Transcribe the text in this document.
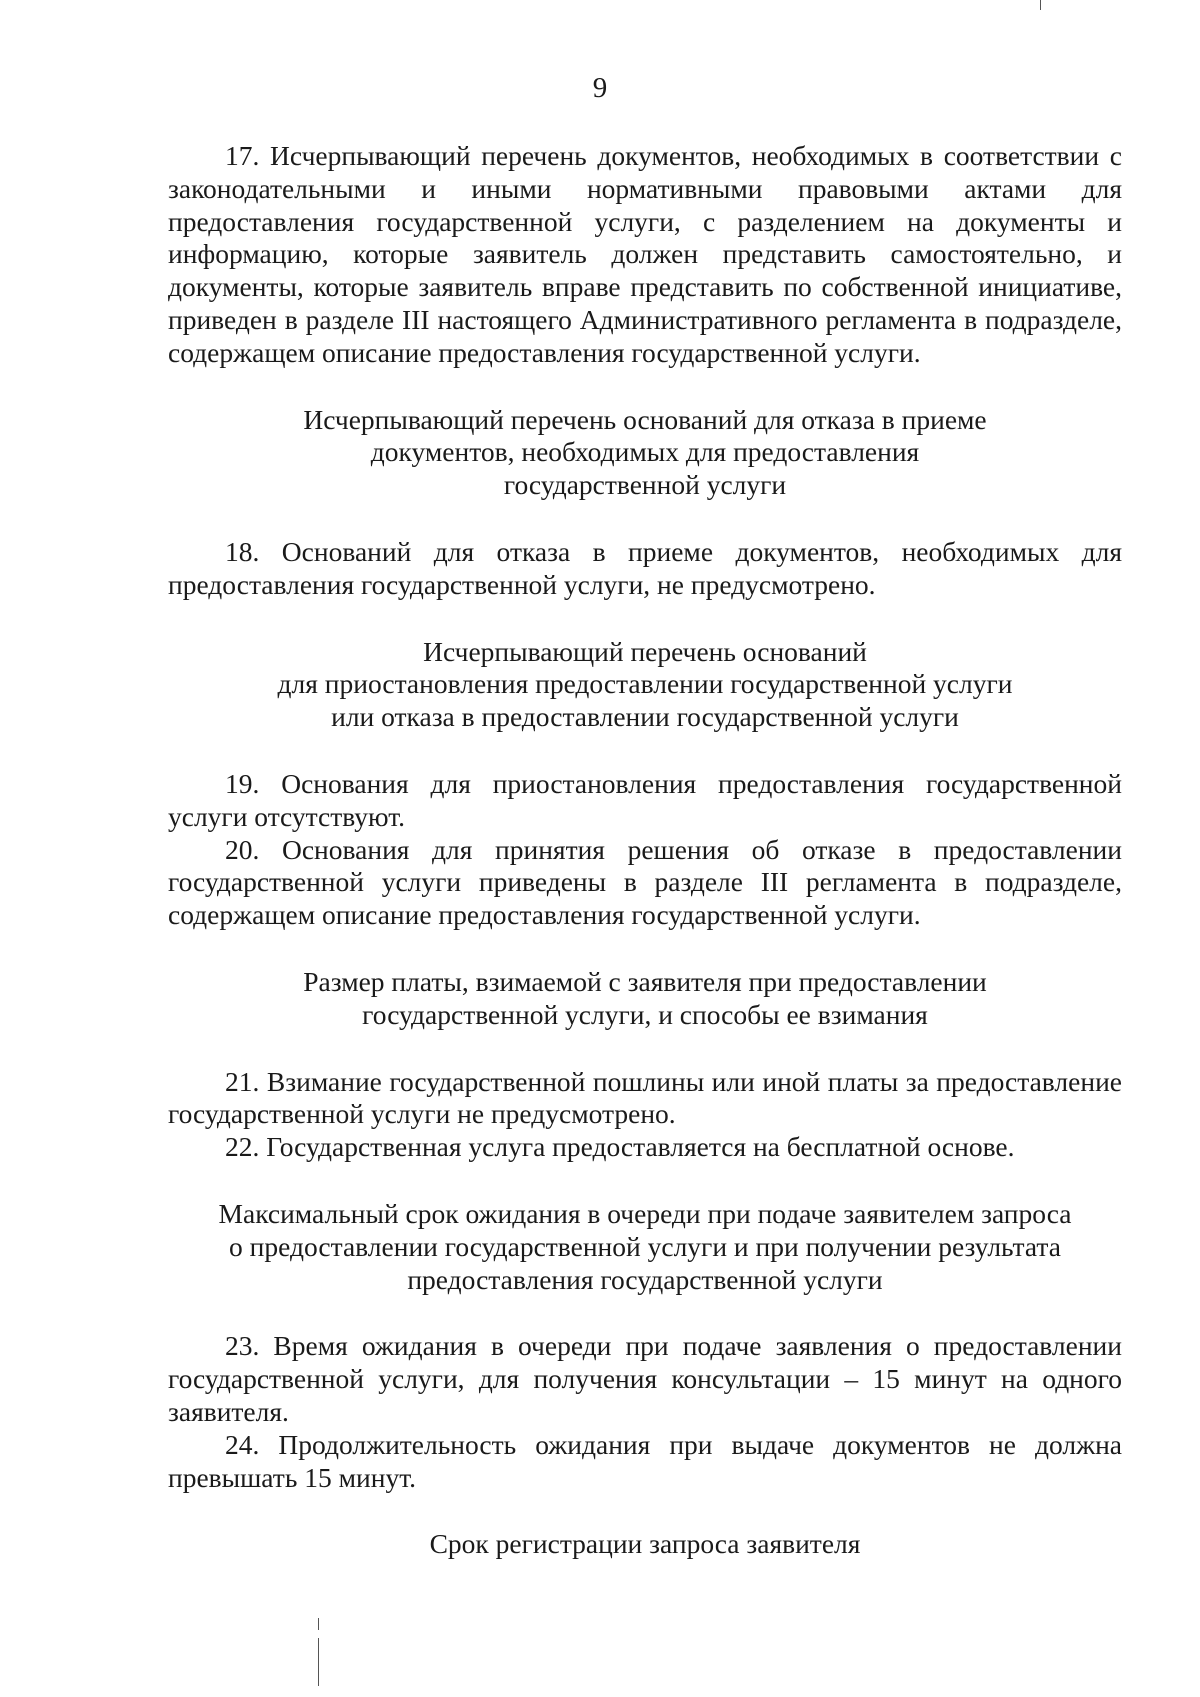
9

17. Исчерпывающий перечень документов, необходимых в соответствии с законодательными и иными нормативными правовыми актами для предоставления государственной услуги, с разделением на документы и информацию, которые заявитель должен представить самостоятельно, и документы, которые заявитель вправе представить по собственной инициативе, приведен в разделе III настоящего Административного регламента в подразделе, содержащем описание предоставления государственной услуги.

Исчерпывающий перечень оснований для отказа в приеме
документов, необходимых для предоставления
государственной услуги

18. Оснований для отказа в приеме документов, необходимых для предоставления государственной услуги, не предусмотрено.

Исчерпывающий перечень оснований
для приостановления предоставлении государственной услуги
или отказа в предоставлении государственной услуги

19. Основания для приостановления предоставления государственной услуги отсутствуют.

20. Основания для принятия решения об отказе в предоставлении государственной услуги приведены в разделе III регламента в подразделе, содержащем описание предоставления государственной услуги.

Размер платы, взимаемой с заявителя при предоставлении
государственной услуги, и способы ее взимания

21. Взимание государственной пошлины или иной платы за предоставление государственной услуги не предусмотрено.

22. Государственная услуга предоставляется на бесплатной основе.

Максимальный срок ожидания в очереди при подаче заявителем запроса
о предоставлении государственной услуги и при получении результата
предоставления государственной услуги

23. Время ожидания в очереди при подаче заявления о предоставлении государственной услуги, для получения консультации – 15 минут на одного заявителя.

24. Продолжительность ожидания при выдаче документов не должна превышать 15 минут.

Срок регистрации запроса заявителя
